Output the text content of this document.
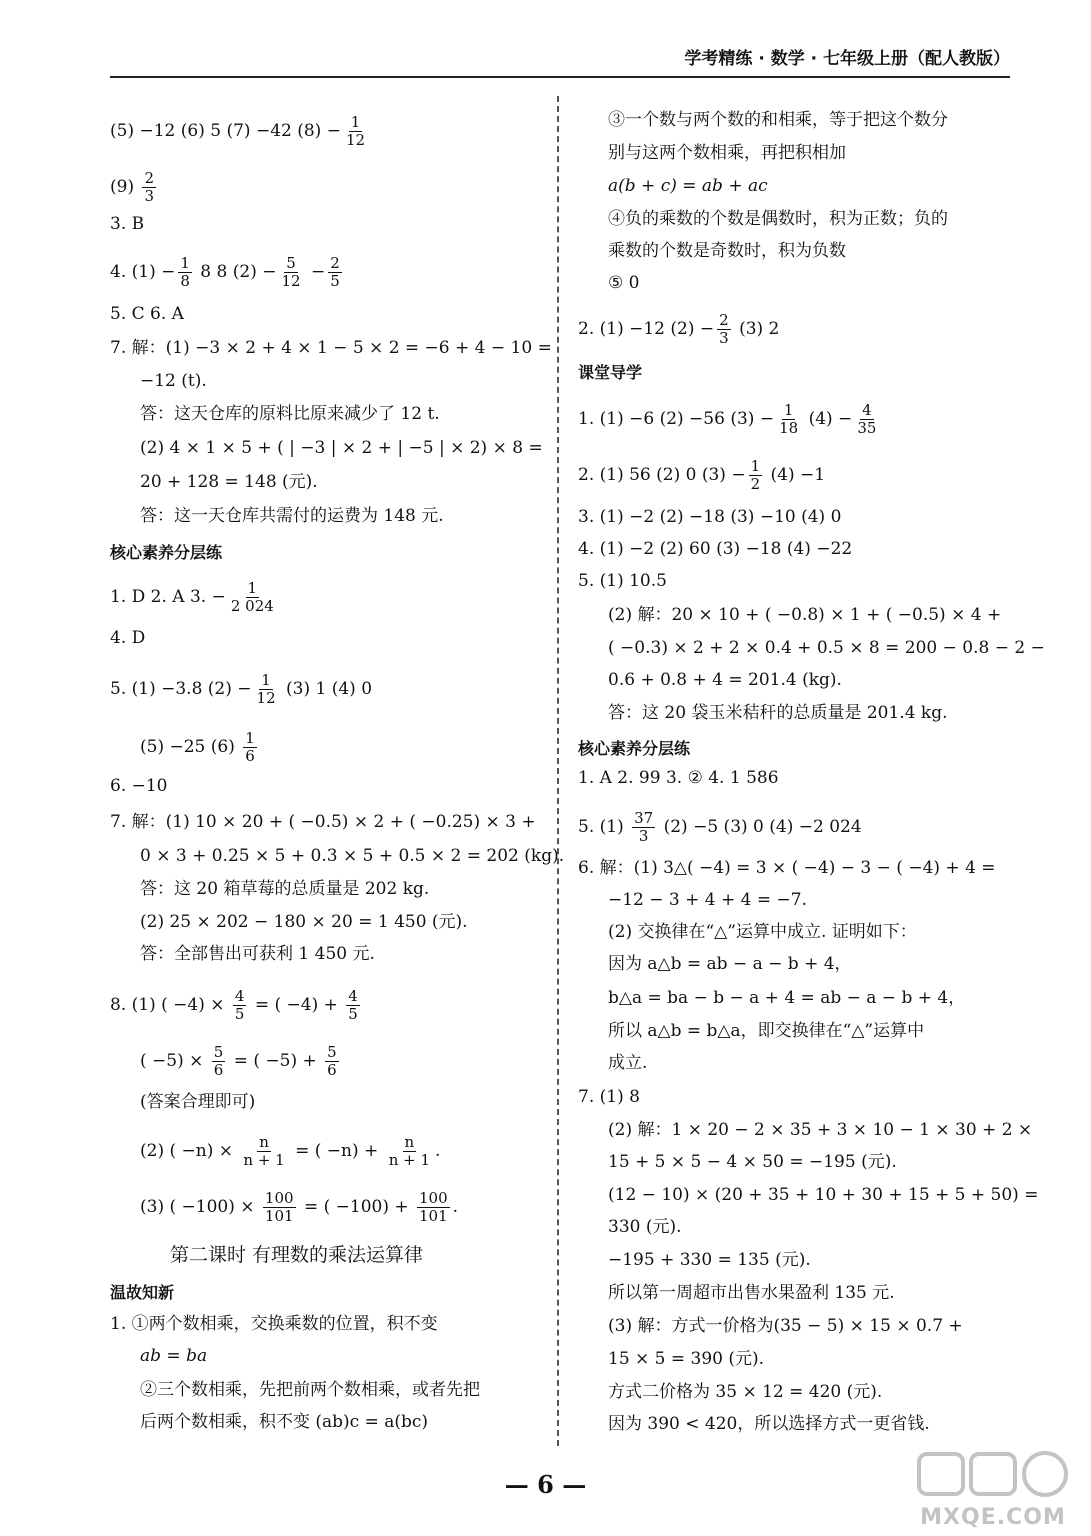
学考精练 · 数学 · 七年级上册（配人教版）
(5) −12 (6) 5 (7) −42 $(8) - \frac{1}{12}$
$(9) \frac{2}{3}$
3. B
4. $(1) - \frac{1}{8} 8$ 8 $(2) - \frac{5}{12} - \frac{2}{5}$
5. C 6. A
7. 解：(1) −3 × 2 + 4 × 1 − 5 × 2 = −6 + 4 − 10 =
−12 (t).
答：这天仓库的原料比原来减少了 12 t.
(2) 4 × 1 × 5 + ( | −3 | × 2 + | −5 | × 2) × 8 =
20 + 128 = 148 (元).
答：这一天仓库共需付的运费为 148 元.
核心素养分层练
1. D 2. A 3. − $\frac{1}{2 024}$
4. D
5. (1) −3.8 $(2) - \frac{1}{12} (3)$ 1 (4) 0
(5) −25 $(6) \frac{1}{6}$
6. −10
7. 解：(1) 10 × 20 + ( −0.5) × 2 + ( −0.25) × 3 +
0 × 3 + 0.25 × 5 + 0.3 × 5 + 0.5 × 2 = 202 (kg).
答：这 20 箱草莓的总质量是 202 kg.
(2) 25 × 202 − 180 × 20 = 1 450 (元).
答：全部售出可获利 1 450 元.
8. (1) ( $-4) \times \frac{4}{5}$ = ( $-4) + \frac{4}{5}$
( $-5) \times \frac{5}{6}$ = ( $-5) + \frac{5}{6}$
(答案合理即可)
(2) ( $-n) \times \frac{n}{n + 1}$ = ( $-n) + \frac{n}{n + 1}$ .
(3) ( $-100) \times \frac{100}{101}$ = ( $-100) + \frac{100}{101}$ .
第二课时 有理数的乘法运算律
温故知新
1. ①两个数相乘，交换乘数的位置，积不变
ab = ba
②三个数相乘，先把前两个数相乘，或者先把
后两个数相乘，积不变 (ab)c = a(bc)
③一个数与两个数的和相乘，等于把这个数分
别与这两个数相乘，再把积相加
a(b + c) = ab + ac
④负的乘数的个数是偶数时，积为正数；负的
乘数的个数是奇数时，积为负数
⑤ 0
2. (1) −12 $(2) - \frac{2}{3} (3)$ 2
课堂导学
1. (1) −6 (2) −56 $(3) - \frac{1}{18} (4) - \frac{4}{35}$
2. (1) 56 (2) 0 $(3) - \frac{1}{2} (4) -1$
3. (1) −2 (2) −18 (3) −10 (4) 0
4. (1) −2 (2) 60 (3) −18 (4) −22
5. (1) 10.5
(2) 解：20 × 10 + ( −0.8) × 1 + ( −0.5) × 4 +
( −0.3) × 2 + 2 × 0.4 + 0.5 × 8 = 200 − 0.8 − 2 −
0.6 + 0.8 + 4 = 201.4 (kg).
答：这 20 袋玉米秸秆的总质量是 201.4 kg.
核心素养分层练
1. A 2. 99 3. ② 4. 1 586
5. $(1) \frac{37}{3} (2) -5$ (3) 0 (4) −2 024
6. 解：(1) 3△( −4) = 3 × ( −4) − 3 − ( −4) + 4 =
−12 − 3 + 4 + 4 = −7.
(2) 交换律在“△”运算中成立. 证明如下：
因为 a△b = ab − a − b + 4，
b△a = ba − b − a + 4 = ab − a − b + 4，
所以 a△b = b△a，即交换律在“△”运算中
成立.
7. (1) 8
(2) 解：1 × 20 − 2 × 35 + 3 × 10 − 1 × 30 + 2 ×
15 + 5 × 5 − 4 × 50 = −195 (元).
(12 − 10) × (20 + 35 + 10 + 30 + 15 + 5 + 50) =
330 (元).
−195 + 330 = 135 (元).
所以第一周超市出售水果盈利 135 元.
(3) 解：方式一价格为(35 − 5) × 15 × 0.7 +
15 × 5 = 390 (元).
方式二价格为 35 × 12 = 420 (元).
因为 390 < 420，所以选择方式一更省钱.
— 6 —
MXQE.COM
